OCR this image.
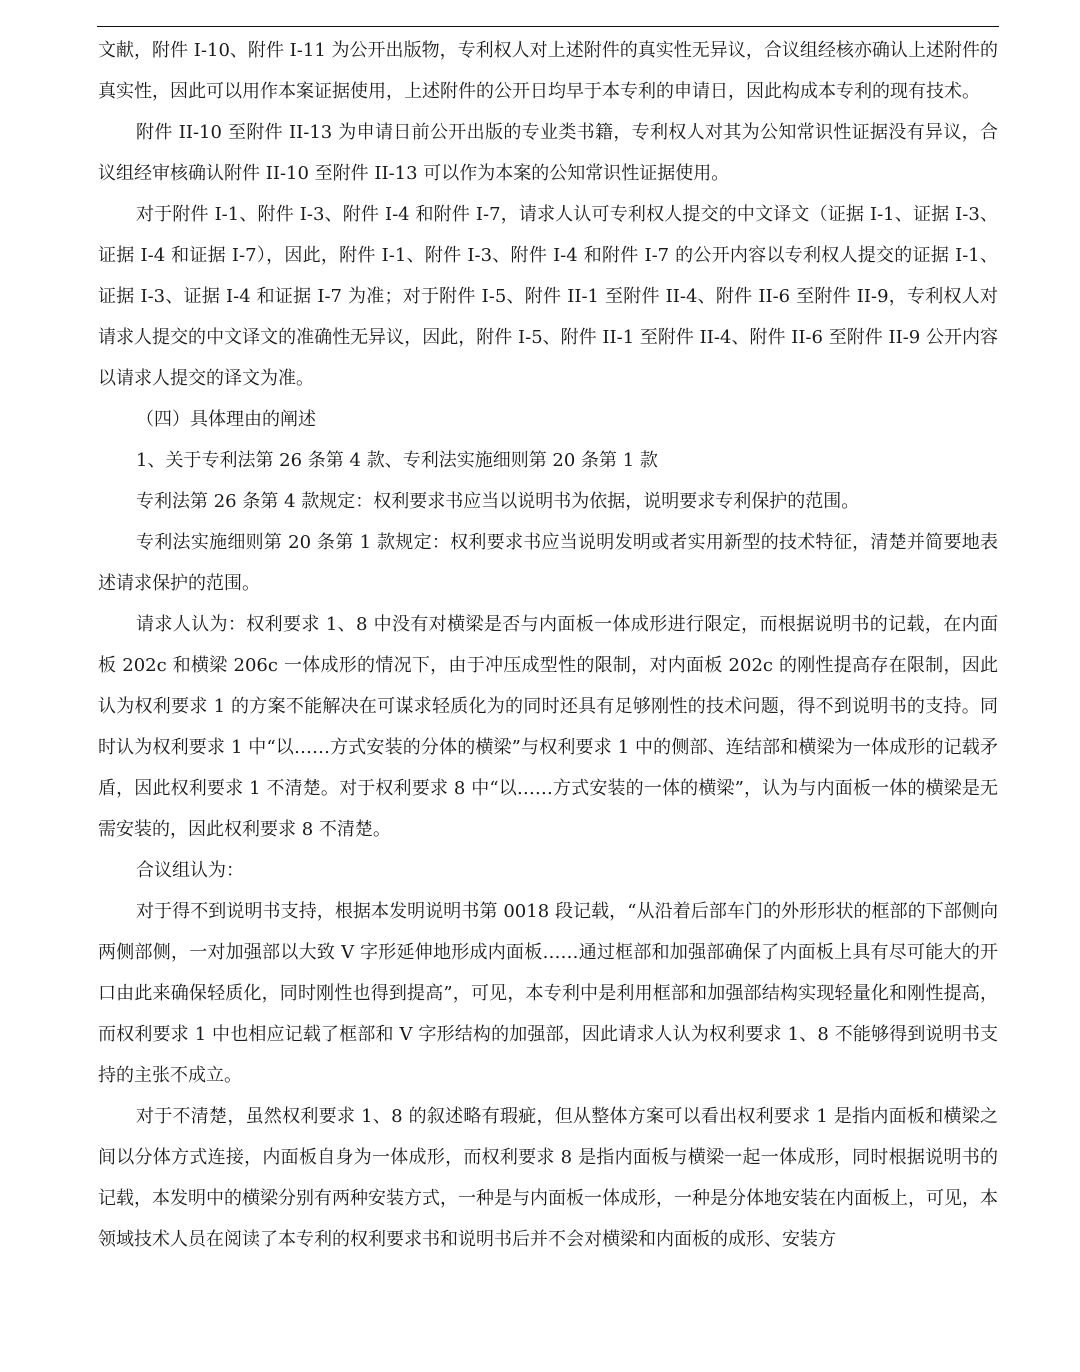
文献，附件 I-10、附件 I-11 为公开出版物，专利权人对上述附件的真实性无异议，合议组经核亦确认上述附件的真实性，因此可以用作本案证据使用，上述附件的公开日均早于本专利的申请日，因此构成本专利的现有技术。

附件 II-10 至附件 II-13 为申请日前公开出版的专业类书籍，专利权人对其为公知常识性证据没有异议，合议组经审核确认附件 II-10 至附件 II-13 可以作为本案的公知常识性证据使用。

对于附件 I-1、附件 I-3、附件 I-4 和附件 I-7，请求人认可专利权人提交的中文译文（证据 I-1、证据 I-3、证据 I-4 和证据 I-7），因此，附件 I-1、附件 I-3、附件 I-4 和附件 I-7 的公开内容以专利权人提交的证据 I-1、证据 I-3、证据 I-4 和证据 I-7 为准；对于附件 I-5、附件 II-1 至附件 II-4、附件 II-6 至附件 II-9，专利权人对请求人提交的中文译文的准确性无异议，因此，附件 I-5、附件 II-1 至附件 II-4、附件 II-6 至附件 II-9 公开内容以请求人提交的译文为准。

（四）具体理由的阐述

1、关于专利法第 26 条第 4 款、专利法实施细则第 20 条第 1 款

专利法第 26 条第 4 款规定：权利要求书应当以说明书为依据，说明要求专利保护的范围。

专利法实施细则第 20 条第 1 款规定：权利要求书应当说明发明或者实用新型的技术特征，清楚并简要地表述请求保护的范围。

请求人认为：权利要求 1、8 中没有对横梁是否与内面板一体成形进行限定，而根据说明书的记载，在内面板 202c 和横梁 206c 一体成形的情况下，由于冲压成型性的限制，对内面板 202c 的刚性提高存在限制，因此认为权利要求 1 的方案不能解决在可谋求轻质化为的同时还具有足够刚性的技术问题，得不到说明书的支持。同时认为权利要求 1 中“以……方式安装的分体的横梁”与权利要求 1 中的侧部、连结部和横梁为一体成形的记载矛盾，因此权利要求 1 不清楚。对于权利要求 8 中“以……方式安装的一体的横梁”，认为与内面板一体的横梁是无需安装的，因此权利要求 8 不清楚。

合议组认为：

对于得不到说明书支持，根据本发明说明书第 0018 段记载，“从沿着后部车门的外形形状的框部的下部侧向两侧部侧，一对加强部以大致 V 字形延伸地形成内面板……通过框部和加强部确保了内面板上具有尽可能大的开口由此来确保轻质化，同时刚性也得到提高”，可见，本专利中是利用框部和加强部结构实现轻量化和刚性提高，而权利要求 1 中也相应记载了框部和 V 字形结构的加强部，因此请求人认为权利要求 1、8 不能够得到说明书支持的主张不成立。

对于不清楚，虽然权利要求 1、8 的叙述略有瑕疵，但从整体方案可以看出权利要求 1 是指内面板和横梁之间以分体方式连接，内面板自身为一体成形，而权利要求 8 是指内面板与横梁一起一体成形，同时根据说明书的记载，本发明中的横梁分别有两种安装方式，一种是与内面板一体成形，一种是分体地安装在内面板上，可见，本领域技术人员在阅读了本专利的权利要求书和说明书后并不会对横梁和内面板的成形、安装方
